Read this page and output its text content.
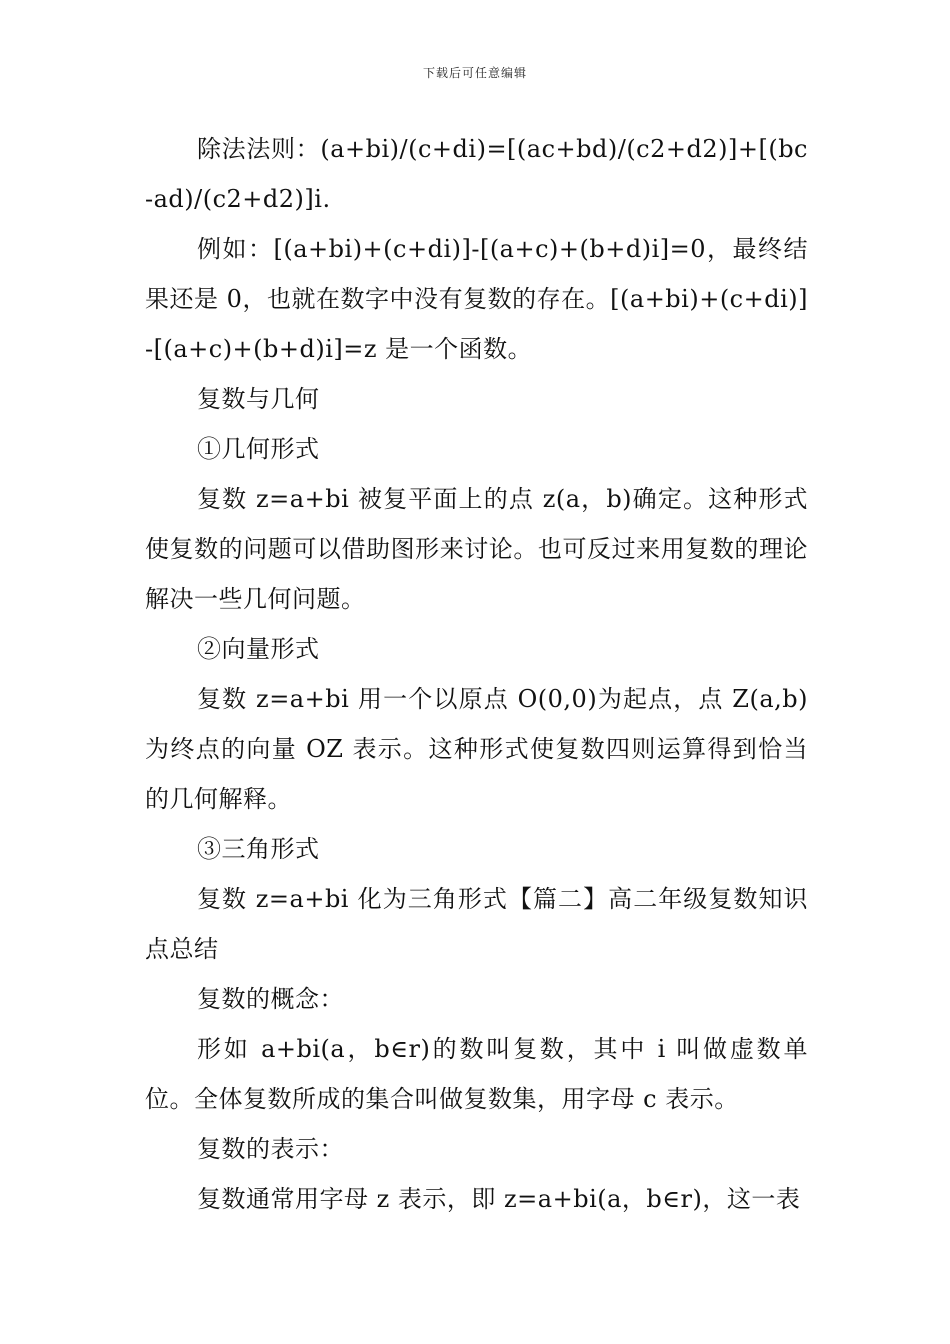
下载后可任意编辑

除法法则：(a+bi)/(c+di)=[(ac+bd)/(c2+d2)]+[(bc-ad)/(c2+d2)]i.

例如：[(a+bi)+(c+di)]-[(a+c)+(b+d)i]=0，最终结果还是 0，也就在数字中没有复数的存在。[(a+bi)+(c+di)]-[(a+c)+(b+d)i]=z 是一个函数。

复数与几何

①几何形式

复数 z=a+bi 被复平面上的点 z(a，b)确定。这种形式使复数的问题可以借助图形来讨论。也可反过来用复数的理论解决一些几何问题。

②向量形式

复数 z=a+bi 用一个以原点 O(0,0)为起点，点 Z(a,b)为终点的向量 OZ 表示。这种形式使复数四则运算得到恰当的几何解释。

③三角形式

复数 z=a+bi 化为三角形式【篇二】高二年级复数知识点总结

复数的概念：

形如 a+bi(a，b∈r)的数叫复数，其中 i 叫做虚数单位。全体复数所成的集合叫做复数集，用字母 c 表示。

复数的表示：

复数通常用字母 z 表示，即 z=a+bi(a，b∈r)，这一表
